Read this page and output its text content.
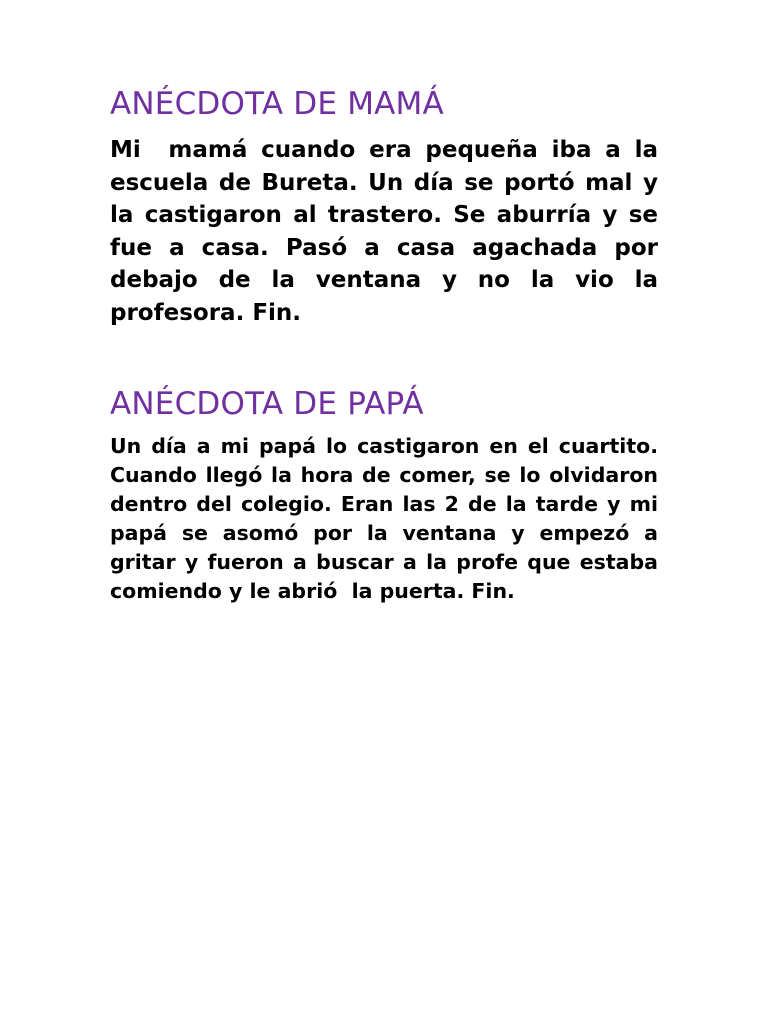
ANÉCDOTA DE MAMÁ

Mi  mamá cuando era pequeña iba a la escuela de Bureta. Un día se portó mal y la castigaron al trastero. Se aburría y se fue a casa. Pasó a casa agachada por debajo de la ventana y no la vio la profesora. Fin.

ANÉCDOTA DE PAPÁ

Un día a mi papá lo castigaron en el cuartito. Cuando llegó la hora de comer, se lo olvidaron  dentro del colegio. Eran las 2 de la tarde y mi papá se asomó por la ventana y empezó a gritar y fueron a buscar a la profe que estaba comiendo y le abrió  la puerta. Fin.
